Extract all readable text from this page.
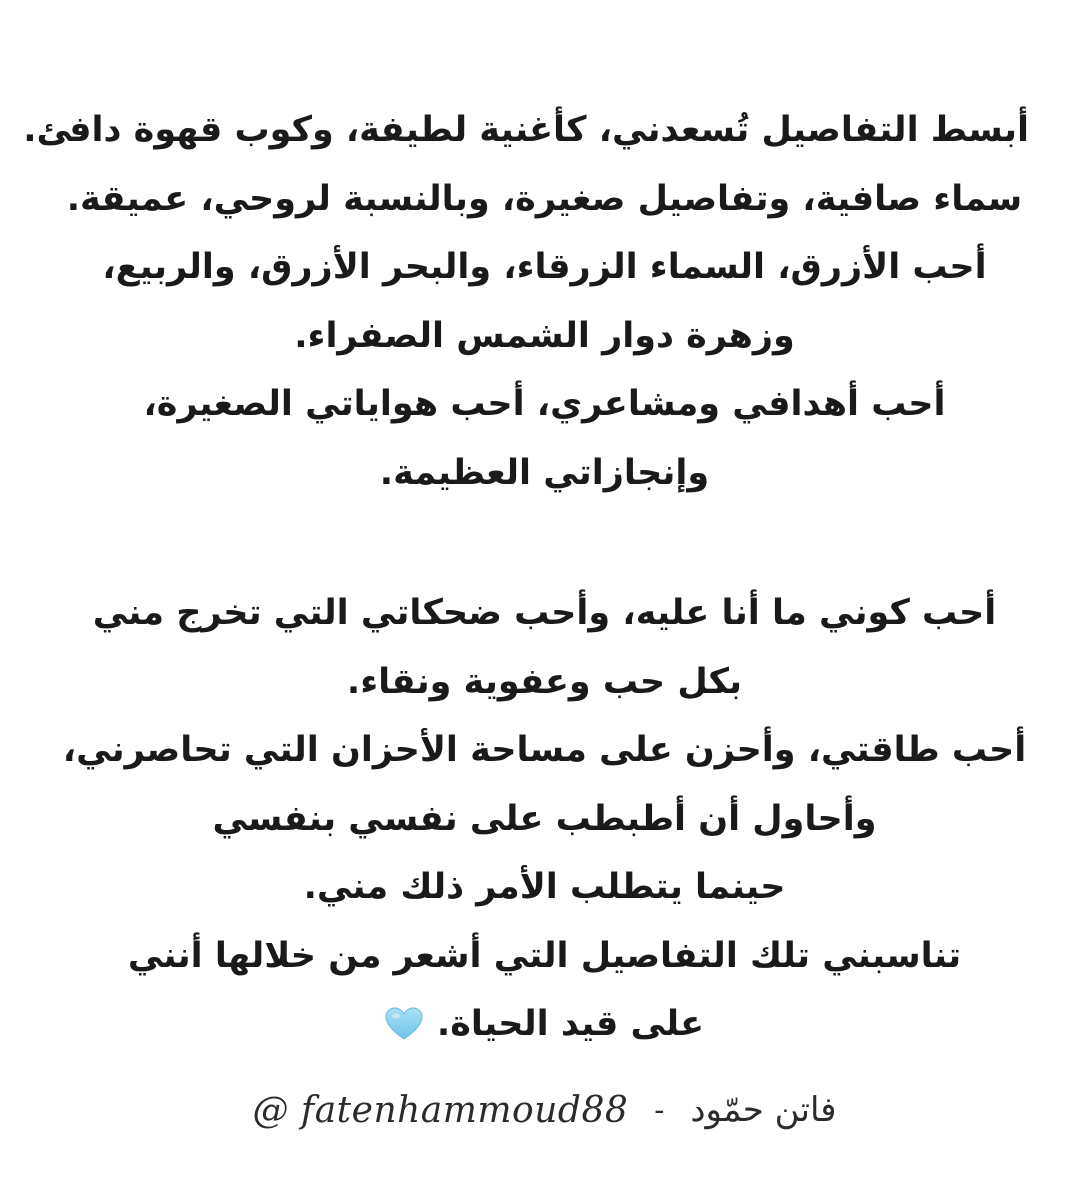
أبسط التفاصيل تُسعدني، كأغنية لطيفة، وكوب قهوة دافئ.
سماء صافية، وتفاصيل صغيرة، وبالنسبة لروحي، عميقة.
أحب الأزرق، السماء الزرقاء، والبحر الأزرق، والربيع،
وزهرة دوار الشمس الصفراء.
أحب أهدافي ومشاعري، أحب هواياتي الصغيرة،
وإنجازاتي العظيمة.
أحب كوني ما أنا عليه، وأحب ضحكاتي التي تخرج مني
بكل حب وعفوية ونقاء.
أحب طاقتي، وأحزن على مساحة الأحزان التي تحاصرني،
وأحاول أن أطبطب على نفسي بنفسي
حينما يتطلب الأمر ذلك مني.
تناسبني تلك التفاصيل التي أشعر من خلالها أنني
على قيد الحياة.
@ fatenhammoud88 - فاتن حمّود
